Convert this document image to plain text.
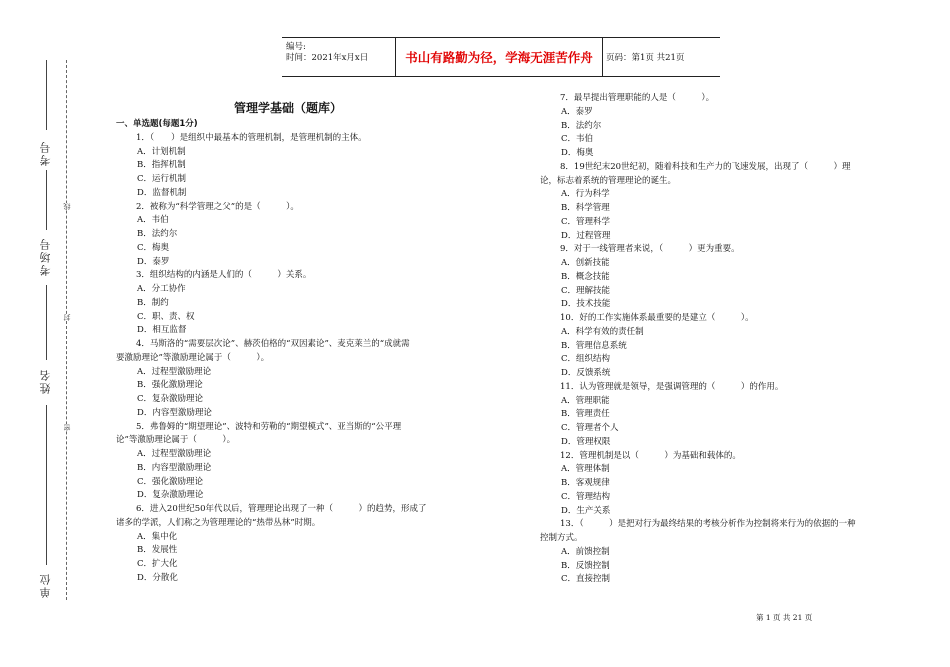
编号:
时间：2021年x月x日	书山有路勤为径，学海无涯苦作舟	页码：第1页 共21页
线
封
密
考号
考场号
姓名
单位
管理学基础（题库）
一、单选题(每题1分)
1．（　　）是组织中最基本的管理机制，是管理机制的主体。
A．计划机制
B．指挥机制
C．运行机制
D．监督机制
2．被称为“科学管理之父”的是（　　　）。
A．韦伯
B．法约尔
C．梅奥
D．泰罗
3．组织结构的内涵是人们的（　　　）关系。
A．分工协作
B．制约
C．职、责、权
D．相互监督
4．马斯洛的“需要层次论”、赫茨伯格的“双因素论”、麦克莱兰的“成就需
要激励理论”等激励理论属于（　　　）。
A．过程型激励理论
B．强化激励理论
C．复杂激励理论
D．内容型激励理论
5．弗鲁姆的“期望理论”、波特和劳勒的“期望模式”、亚当斯的“公平理
论”等激励理论属于（　　　）。
A．过程型激励理论
B．内容型激励理论
C．强化激励理论
D．复杂激励理论
6．进入20世纪50年代以后，管理理论出现了一种（　　　）的趋势，形成了
诸多的学派，人们称之为管理理论的“热带丛林”时期。
A．集中化
B．发展性
C．扩大化
D．分散化
7．最早提出管理职能的人是（　　　）。
A．泰罗
B．法约尔
C．韦伯
D．梅奥
8．19世纪末20世纪初，随着科技和生产力的飞速发展，出现了（　　　）理
论，标志着系统的管理理论的诞生。
A．行为科学
B．科学管理
C．管理科学
D．过程管理
9．对于一线管理者来说，（　　　）更为重要。
A．创新技能
B．概念技能
C．理解技能
D．技术技能
10．好的工作实施体系最重要的是建立（　　　）。
A．科学有效的责任制
B．管理信息系统
C．组织结构
D．反馈系统
11．认为管理就是领导，是强调管理的（　　　）的作用。
A．管理职能
B．管理责任
C．管理者个人
D．管理权限
12．管理机制是以（　　　）为基础和载体的。
A．管理体制
B．客观规律
C．管理结构
D．生产关系
13．（　　　）是把对行为最终结果的考核分析作为控制将来行为的依据的一种
控制方式。
A．前馈控制
B．反馈控制
C．直接控制
第 1 页 共 21 页
